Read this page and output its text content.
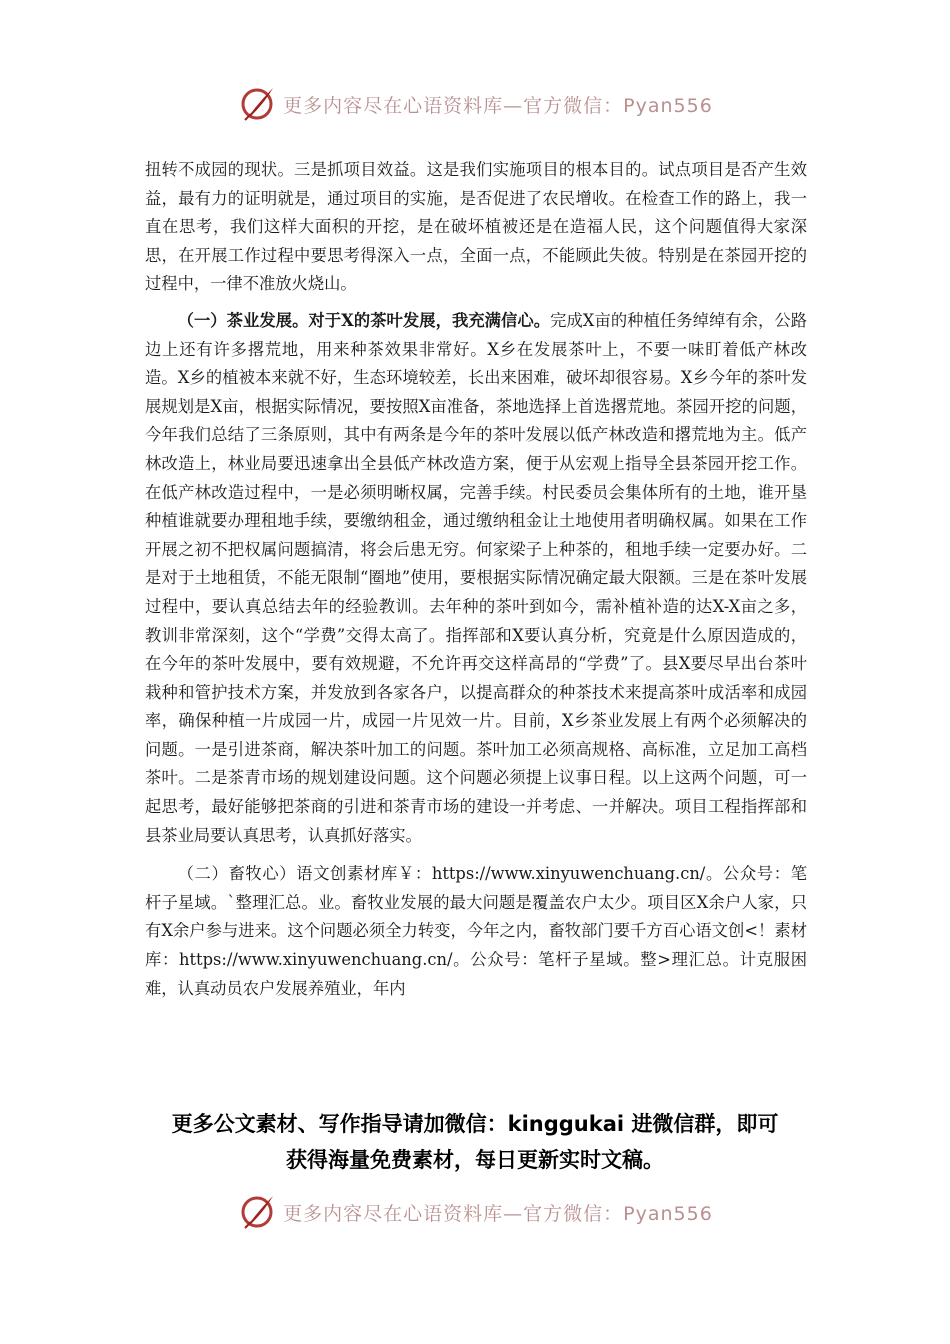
更多内容尽在心语资料库—官方微信：Pyan556

扭转不成园的现状。三是抓项目效益。这是我们实施项目的根本目的。试点项目是否产生效益，最有力的证明就是，通过项目的实施，是否促进了农民增收。在检查工作的路上，我一直在思考，我们这样大面积的开挖，是在破坏植被还是在造福人民，这个问题值得大家深思，在开展工作过程中要思考得深入一点，全面一点，不能顾此失彼。特别是在茶园开挖的过程中，一律不准放火烧山。

（一）茶业发展。对于X的茶叶发展，我充满信心。完成X亩的种植任务绰绰有余，公路边上还有许多撂荒地，用来种茶效果非常好。X乡在发展茶叶上，不要一味盯着低产林改造。X乡的植被本来就不好，生态环境较差，长出来困难，破坏却很容易。X乡今年的茶叶发展规划是X亩，根据实际情况，要按照X亩准备，茶地选择上首选撂荒地。茶园开挖的问题，今年我们总结了三条原则，其中有两条是今年的茶叶发展以低产林改造和撂荒地为主。低产林改造上，林业局要迅速拿出全县低产林改造方案，便于从宏观上指导全县茶园开挖工作。在低产林改造过程中，一是必须明晰权属，完善手续。村民委员会集体所有的土地，谁开垦种植谁就要办理租地手续，要缴纳租金，通过缴纳租金让土地使用者明确权属。如果在工作开展之初不把权属问题搞清，将会后患无穷。何家梁子上种茶的，租地手续一定要办好。二是对于土地租赁，不能无限制“圈地”使用，要根据实际情况确定最大限额。三是在茶叶发展过程中，要认真总结去年的经验教训。去年种的茶叶到如今，需补植补造的达X-X亩之多，教训非常深刻，这个“学费”交得太高了。指挥部和X要认真分析，究竟是什么原因造成的，在今年的茶叶发展中，要有效规避，不允许再交这样高昂的“学费”了。县X要尽早出台茶叶栽种和管护技术方案，并发放到各家各户，以提高群众的种茶技术来提高茶叶成活率和成园率，确保种植一片成园一片，成园一片见效一片。目前，X乡茶业发展上有两个必须解决的问题。一是引进茶商，解决茶叶加工的问题。茶叶加工必须高规格、高标准，立足加工高档茶叶。二是茶青市场的规划建设问题。这个问题必须提上议事日程。以上这两个问题，可一起思考，最好能够把茶商的引进和茶青市场的建设一并考虑、一并解决。项目工程指挥部和县茶业局要认真思考，认真抓好落实。

（二）畜牧心）语文创素材库￥：https://www.xinyuwenchuang.cn/。公众号：笔杆子星域。`整理汇总。业。畜牧业发展的最大问题是覆盖农户太少。项目区X余户人家，只有X余户参与进来。这个问题必须全力转变，今年之内，畜牧部门要千方百心语文创<！素材库：https://www.xinyuwenchuang.cn/。公众号：笔杆子星域。整>理汇总。计克服困难，认真动员农户发展养殖业，年内

更多公文素材、写作指导请加微信：kinggukai 进微信群，即可
获得海量免费素材，每日更新实时文稿。
更多内容尽在心语资料库—官方微信：Pyan556
